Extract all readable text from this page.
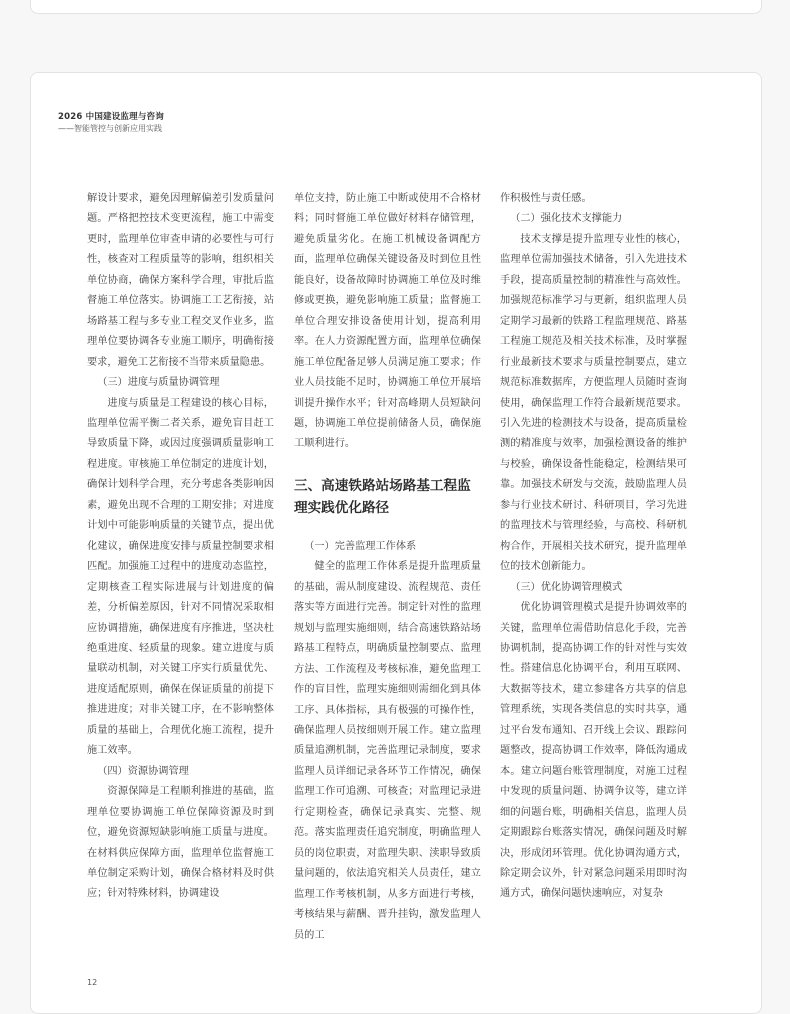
2026 中国建设监理与咨询
——智能管控与创新应用实践

解设计要求，避免因理解偏差引发质量问题。严格把控技术变更流程，施工中需变更时，监理单位审查申请的必要性与可行性，核查对工程质量等的影响，组织相关单位协商，确保方案科学合理，审批后监督施工单位落实。协调施工工艺衔接，站场路基工程与多专业工程交叉作业多，监理单位要协调各专业施工顺序，明确衔接要求，避免工艺衔接不当带来质量隐患。

（三）进度与质量协调管理

进度与质量是工程建设的核心目标，监理单位需平衡二者关系，避免盲目赶工导致质量下降，或因过度强调质量影响工程进度。审核施工单位制定的进度计划，确保计划科学合理，充分考虑各类影响因素，避免出现不合理的工期安排；对进度计划中可能影响质量的关键节点，提出优化建议，确保进度安排与质量控制要求相匹配。加强施工过程中的进度动态监控，定期核查工程实际进展与计划进度的偏差，分析偏差原因，针对不同情况采取相应协调措施，确保进度有序推进，坚决杜绝重进度、轻质量的现象。建立进度与质量联动机制，对关键工序实行质量优先、进度适配原则，确保在保证质量的前提下推进进度；对非关键工序，在不影响整体质量的基础上，合理优化施工流程，提升施工效率。

（四）资源协调管理

资源保障是工程顺利推进的基础，监理单位要协调施工单位保障资源及时到位，避免资源短缺影响施工质量与进度。在材料供应保障方面，监理单位监督施工单位制定采购计划，确保合格材料及时供应；针对特殊材料，协调建设

单位支持，防止施工中断或使用不合格材料；同时督施工单位做好材料存储管理，避免质量劣化。在施工机械设备调配方面，监理单位确保关键设备及时到位且性能良好，设备故障时协调施工单位及时维修或更换，避免影响施工质量；监督施工单位合理安排设备使用计划，提高利用率。在人力资源配置方面，监理单位确保施工单位配备足够人员满足施工要求；作业人员技能不足时，协调施工单位开展培训提升操作水平；针对高峰期人员短缺问题，协调施工单位提前储备人员，确保施工顺利进行。

三、高速铁路站场路基工程监理实践优化路径
（一）完善监理工作体系

健全的监理工作体系是提升监理质量的基础，需从制度建设、流程规范、责任落实等方面进行完善。制定针对性的监理规划与监理实施细则，结合高速铁路站场路基工程特点，明确质量控制要点、监理方法、工作流程及考核标准，避免监理工作的盲目性，监理实施细则需细化到具体工序、具体指标，具有极强的可操作性，确保监理人员按细则开展工作。建立监理质量追溯机制，完善监理记录制度，要求监理人员详细记录各环节工作情况，确保监理工作可追溯、可核查；对监理记录进行定期检查，确保记录真实、完整、规范。落实监理责任追究制度，明确监理人员的岗位职责，对监理失职、渎职导致质量问题的，依法追究相关人员责任，建立监理工作考核机制，从多方面进行考核，考核结果与薪酬、晋升挂钩，激发监理人员的工

作积极性与责任感。

（二）强化技术支撑能力

技术支撑是提升监理专业性的核心，监理单位需加强技术储备，引入先进技术手段，提高质量控制的精准性与高效性。加强规范标准学习与更新，组织监理人员定期学习最新的铁路工程监理规范、路基工程施工规范及相关技术标准，及时掌握行业最新技术要求与质量控制要点，建立规范标准数据库，方便监理人员随时查询使用，确保监理工作符合最新规范要求。引入先进的检测技术与设备，提高质量检测的精准度与效率，加强检测设备的维护与校验，确保设备性能稳定，检测结果可靠。加强技术研发与交流，鼓励监理人员参与行业技术研讨、科研项目，学习先进的监理技术与管理经验，与高校、科研机构合作，开展相关技术研究，提升监理单位的技术创新能力。

（三）优化协调管理模式

优化协调管理模式是提升协调效率的关键，监理单位需借助信息化手段，完善协调机制，提高协调工作的针对性与实效性。搭建信息化协调平台，利用互联网、大数据等技术，建立参建各方共享的信息管理系统，实现各类信息的实时共享，通过平台发布通知、召开线上会议、跟踪问题整改，提高协调工作效率，降低沟通成本。建立问题台账管理制度，对施工过程中发现的质量问题、协调争议等，建立详细的问题台账，明确相关信息，监理人员定期跟踪台账落实情况，确保问题及时解决，形成闭环管理。优化协调沟通方式，除定期会议外，针对紧急问题采用即时沟通方式，确保问题快速响应，对复杂

12
